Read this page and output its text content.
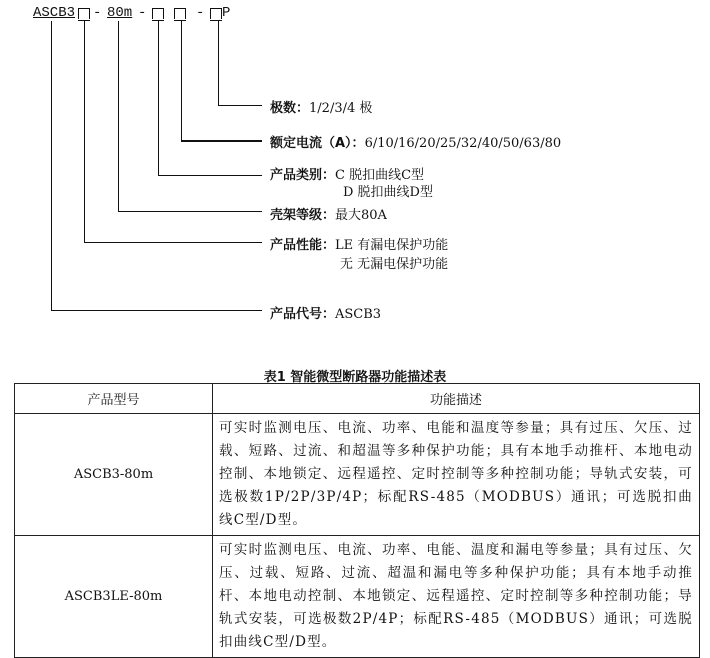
ASCB3 - 80m -	- P
极数：1/2/3/4 极
额定电流（A）：6/10/16/20/25/32/40/50/63/80
产品类别：C 脱扣曲线C型
D 脱扣曲线D型
壳架等级：最大80A
产品性能：LE 有漏电保护功能
无 无漏电保护功能
产品代号：ASCB3
表1 智能微型断路器功能描述表
产品型号	功能描述
ASCB3-80m	可实时监测电压、电流、功率、电能和温度等参量；具有过压、欠压、过载、短路、过流、和超温等多种保护功能；具有本地手动推杆、本地电动控制、本地锁定、远程遥控、定时控制等多种控制功能；导轨式安装，可选极数1P/2P/3P/4P；标配RS-485（MODBUS）通讯；可选脱扣曲线C型/D型。
ASCB3LE-80m	可实时监测电压、电流、功率、电能、温度和漏电等参量；具有过压、欠压、过载、短路、过流、超温和漏电等多种保护功能；具有本地手动推杆、本地电动控制、本地锁定、远程遥控、定时控制等多种控制功能；导轨式安装，可选极数2P/4P；标配RS-485（MODBUS）通讯；可选脱扣曲线C型/D型。
